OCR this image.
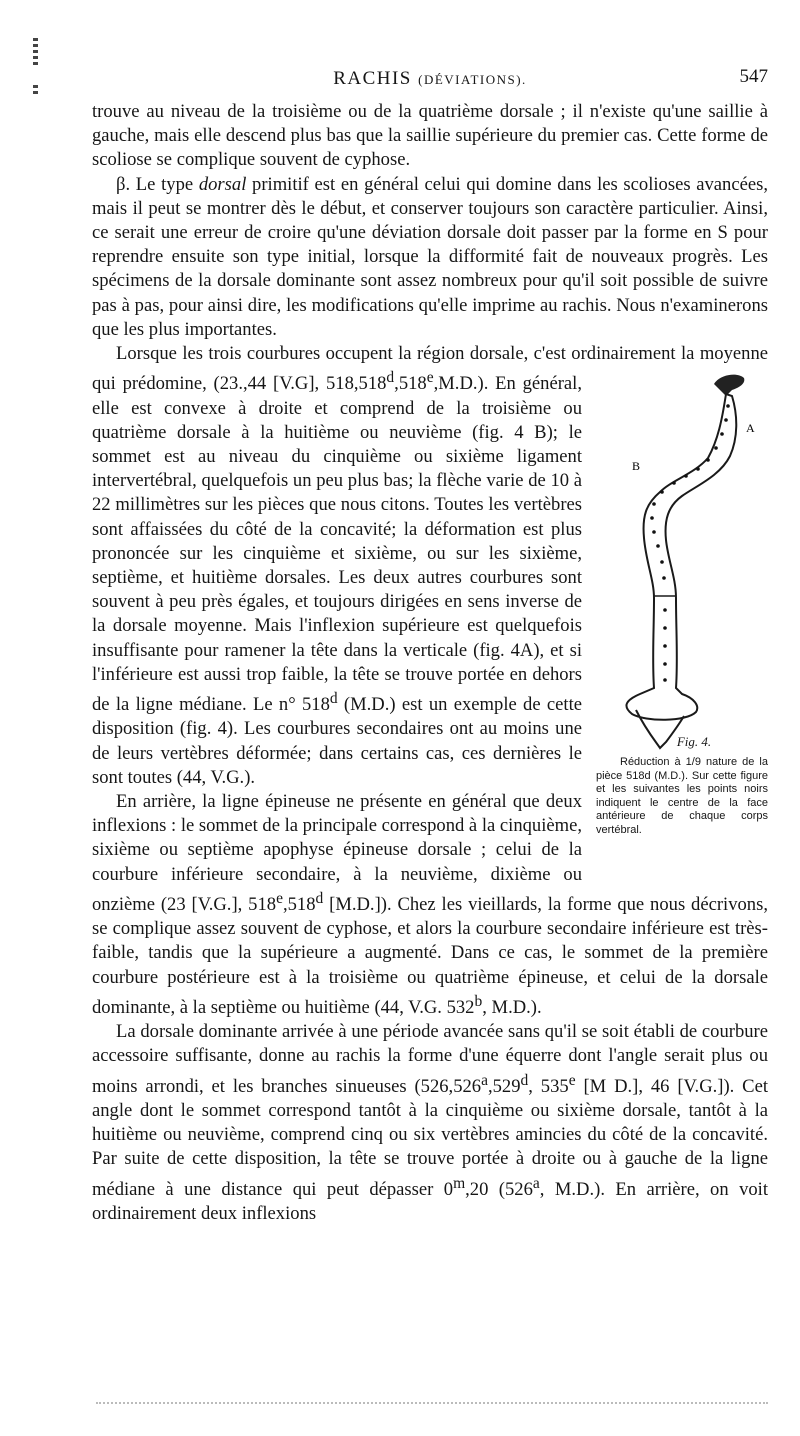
RACHIS (DÉVIATIONS).	547

trouve au niveau de la troisième ou de la quatrième dorsale ; il n'existe qu'une saillie à gauche, mais elle descend plus bas que la saillie supérieure du premier cas. Cette forme de scoliose se complique souvent de cyphose.

β. Le type dorsal primitif est en général celui qui domine dans les scolioses avancées, mais il peut se montrer dès le début, et conserver toujours son caractère particulier. Ainsi, ce serait une erreur de croire qu'une déviation dorsale doit passer par la forme en S pour reprendre ensuite son type initial, lorsque la difformité fait de nouveaux progrès. Les spécimens de la dorsale dominante sont assez nombreux pour qu'il soit possible de suivre pas à pas, pour ainsi dire, les modifications qu'elle imprime au rachis. Nous n'examinerons que les plus importantes.

Lorsque les trois courbures occupent la région dorsale, c'est ordinairement la moyenne qui prédomine, (23.,44 [V.G], 518,518$^d$,518e
A
B
Fig. 4.
Réduction à 1/9 nature de la pièce 518d (M.D.). Sur cette figure et les suivantes les points noirs indiquent le centre de la face antérieure de chaque corps vertébral.
,M.D.). En général, elle est convexe à droite et comprend de la troisième ou quatrième dorsale à la huitième ou neuvième (fig. 4 B); le sommet est au niveau du cinquième ou sixième ligament intervertébral, quelquefois un peu plus bas; la flèche varie de 10 à 22 millimètres sur les pièces que nous citons. Toutes les vertèbres sont affaissées du côté de la concavité; la déformation est plus prononcée sur les cinquième et sixième, ou sur les sixième, septième, et huitième dorsales. Les deux autres courbures sont souvent à peu près égales, et toujours dirigées en sens inverse de la dorsale moyenne. Mais l'inflexion supérieure est quelquefois insuffisante pour ramener la tête dans la verticale (fig. 4A), et si l'inférieure est aussi trop faible, la tête se trouve portée en dehors de la ligne médiane. Le n° 518$^d$ (M.D.) est un exemple de cette disposition (fig. 4). Les courbures secondaires ont au moins une de leurs vertèbres déformée; dans certains cas, ces dernières le sont toutes (44, V.G.).

En arrière, la ligne épineuse ne présente en général que deux inflexions : le sommet de la principale correspond à la cinquième, sixième ou septième apophyse épineuse dorsale ; celui de la courbure inférieure secondaire, à la neuvième, dixième ou onzième (23 [V.G.], 518e,518$^d$ [M.D.]). Chez les vieillards, la forme que nous décrivons, se complique assez souvent de cyphose, et alors la courbure secondaire inférieure est très-faible, tandis que la supérieure a augmenté. Dans ce cas, le sommet de la première courbure postérieure est à la troisième ou quatrième épineuse, et celui de la dorsale dominante, à la septième ou huitième (44, V.G. 532$^b$, M.D.).

La dorsale dominante arrivée à une période avancée sans qu'il se soit établi de courbure accessoire suffisante, donne au rachis la forme d'une équerre dont l'angle serait plus ou moins arrondi, et les branches sinueuses (526,526$^a$,529$^d$, 535e [M D.], 46 [V.G.]). Cet angle dont le sommet correspond tantôt à la cinquième ou sixième dorsale, tantôt à la huitième ou neuvième, comprend cinq ou six vertèbres amincies du côté de la concavité. Par suite de cette disposition, la tête se trouve portée à droite ou à gauche de la ligne médiane à une distance qui peut dépasser 0$^m$,20 (526$^a$, M.D.). En arrière, on voit ordinairement deux inflexions
